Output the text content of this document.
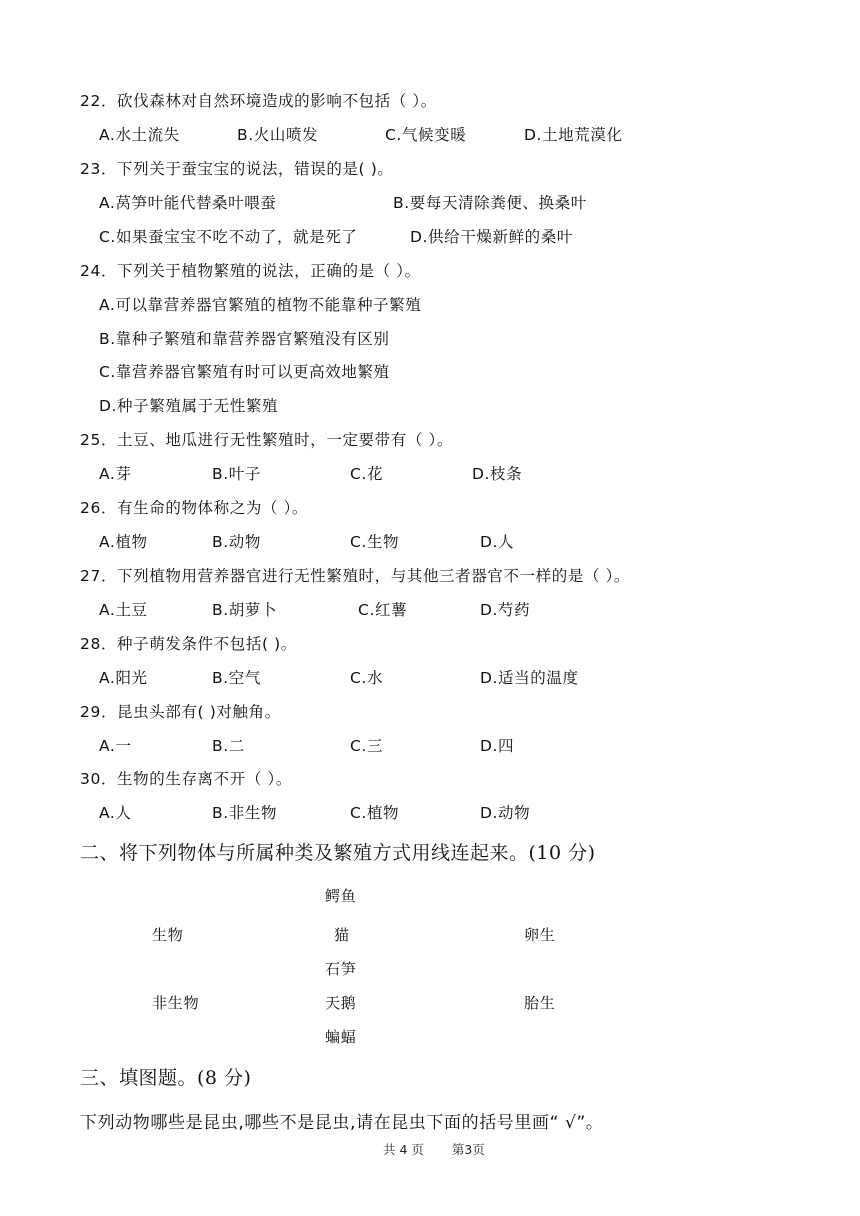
22．砍伐森林对自然环境造成的影响不包括（ ）。
A.水土流失	B.火山喷发	C.气候变暖	D.土地荒漠化
23．下列关于蚕宝宝的说法，错误的是( )。
A.莴笋叶能代替桑叶喂蚕	B.要每天清除粪便、换桑叶
C.如果蚕宝宝不吃不动了，就是死了	D.供给干燥新鲜的桑叶
24．下列关于植物繁殖的说法，正确的是（ ）。
A.可以靠营养器官繁殖的植物不能靠种子繁殖
B.靠种子繁殖和靠营养器官繁殖没有区别
C.靠营养器官繁殖有时可以更高效地繁殖
D.种子繁殖属于无性繁殖
25．土豆、地瓜进行无性繁殖时，一定要带有（ ）。
A.芽	B.叶子	C.花	D.枝条
26．有生命的物体称之为（ ）。
A.植物	B.动物	C.生物	D.人
27．下列植物用营养器官进行无性繁殖时，与其他三者器官不一样的是（ ）。
A.土豆	B.胡萝卜	C.红薯	D.芍药
28．种子萌发条件不包括( )。
A.阳光	B.空气	C.水	D.适当的温度
29．昆虫头部有( )对触角。
A.一	B.二	C.三	D.四
30．生物的生存离不开（ ）。
A.人	B.非生物	C.植物	D.动物
二、将下列物体与所属种类及繁殖方式用线连起来。(10 分)
鳄鱼
生物	猫	卵生
石笋
非生物	天鹅	胎生
蝙蝠
三、填图题。(8 分)
下列动物哪些是昆虫,哪些不是昆虫,请在昆虫下面的括号里画“ √”。
共 4 页 第3页
